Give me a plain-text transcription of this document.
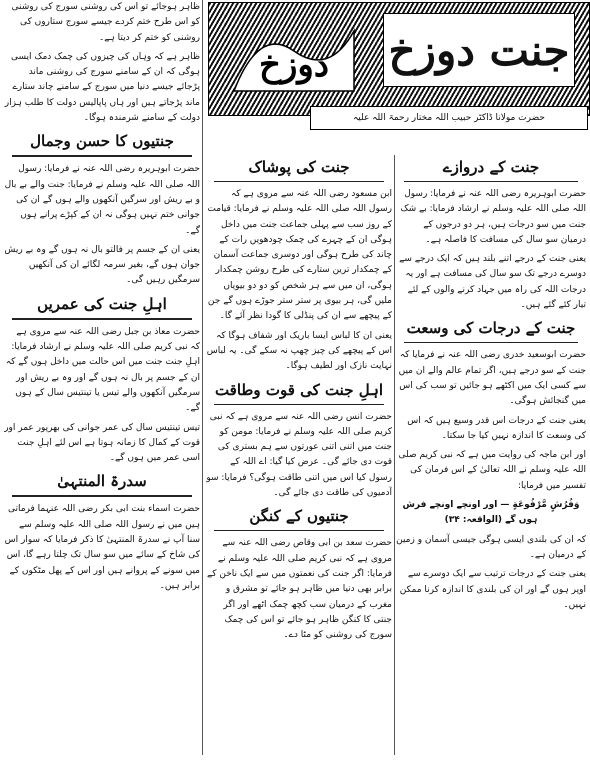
دوزخ جنت دوزخ
حضرت مولانا ڈاکٹر حبیب اللہ مختار رحمۃ اللہ علیہ

ظاہر ہوجائے تو اس کی روشنی سورج کی روشنی کو اس طرح ختم کردے جیسے سورج ستاروں کی روشنی کو ختم کر دیتا ہے۔

ظاہر ہے کہ وہاں کی چیزوں کی چمک دمک ایسی ہوگی کہ ان کے سامنے سورج کی روشنی ماند پڑجائے جیسے دنیا میں سورج کے سامنے چاند ستارے ماند پڑجاتے ہیں اور ہاں پاپالیس دولت کا طلب ہزار دولت کے سامنے شرمندہ ہوگا۔

جنتیوں کا حسن وجمال

حضرت ابوہریرہ رضی اللہ عنہ نے فرمایا: رسول اللہ صلی اللہ علیہ وسلم نے فرمایا: جنت والے بے بال و بے ریش اور سرگیں آنکھوں والے ہوں گے ان کی جوانی ختم نہیں ہوگی نہ ان کے کپڑے پرانے ہوں گے۔

یعنی ان کے جسم پر فالتو بال نہ ہوں گے وہ بے ریش جوان ہوں گے، بغیر سرمہ لگائے ان کی آنکھیں سرمگیں رہیں گی۔

اہلِ جنت کی عمریں

حضرت معاذ بن جبل رضی اللہ عنہ سے مروی ہے کہ نبی کریم صلی اللہ علیہ وسلم نے ارشاد فرمایا: اہلِ جنت جنت میں اس حالت میں داخل ہوں گے کہ ان کے جسم پر بال نہ ہوں گے اور وہ بے ریش اور سرمگیں آنکھوں والے تیس یا تینتیس سال کے ہوں گے۔

تیس تینتیس سال کی عمر جوانی کی بھرپور عمر اور قوت کے کمال کا زمانہ ہوتا ہے اس لئے اہلِ جنت اسی عمر میں ہوں گے۔

سدرۃ المنتہیٰ

حضرت اسماء بنت ابی بکر رضی اللہ عنہما فرماتی ہیں میں نے رسول اللہ صلی اللہ علیہ وسلم سے سنا آپ نے سدرۃ المنتہیٰ کا ذکر فرمایا کہ سوار اس کی شاخ کے سائے میں سو سال تک چلتا رہے گا، اس میں سونے کے پروانے ہیں اور اس کے پھل مٹکوں کے برابر ہیں۔

جنت کی پوشاک

ابن مسعود رضی اللہ عنہ سے مروی ہے کہ رسول اللہ صلی اللہ علیہ وسلم نے فرمایا: قیامت کے روز سب سے پہلی جماعت جنت میں داخل ہوگی ان کے چہرے کی چمک چودھویں رات کے چاند کی طرح ہوگی اور دوسری جماعت آسمان کے چمکدار ترین ستارے کی طرح روشن چمکدار ہوگی، ان میں سے ہر شخص کو دو دو بیویاں ملیں گی، ہر بیوی پر ستر ستر جوڑے ہوں گے جن کے پیچھے سے ان کی پنڈلی کا گودا نظر آئے گا۔

یعنی ان کا لباس ایسا باریک اور شفاف ہوگا کہ اس کے پیچھے کی چیز چھپ نہ سکے گی۔ یہ لباس نہایت نازک اور لطیف ہوگا۔

اہلِ جنت کی قوت وطاقت

حضرت انس رضی اللہ عنہ سے مروی ہے کہ نبی کریم صلی اللہ علیہ وسلم نے فرمایا: مومن کو جنت میں اتنی اتنی عورتوں سے ہم بستری کی قوت دی جائے گی۔ عرض کیا گیا: اے اللہ کے رسول کیا اس میں اتنی طاقت ہوگی؟ فرمایا: سو آدمیوں کی طاقت دی جائے گی۔

جنتیوں کے کنگن

حضرت سعد بن ابی وقاص رضی اللہ عنہ سے مروی ہے کہ نبی کریم صلی اللہ علیہ وسلم نے فرمایا: اگر جنت کی نعمتوں میں سے ایک ناخن کے برابر بھی دنیا میں ظاہر ہو جائے تو مشرق و مغرب کے درمیان سب کچھ چمک اٹھے اور اگر جنتی کا کنگن ظاہر ہو جائے تو اس کی چمک سورج کی روشنی کو مٹا دے۔

جنت کے دروازے

حضرت ابوہریرہ رضی اللہ عنہ نے فرمایا: رسول اللہ صلی اللہ علیہ وسلم نے ارشاد فرمایا: بے شک جنت میں سو درجات ہیں، ہر دو درجوں کے درمیان سو سال کی مسافت کا فاصلہ ہے۔

یعنی جنت کے درجے اتنے بلند ہیں کہ ایک درجے سے دوسرے درجے تک سو سال کی مسافت ہے اور یہ درجات اللہ کی راہ میں جہاد کرنے والوں کے لئے تیار کئے گئے ہیں۔

جنت کے درجات کی وسعت

حضرت ابوسعید خدری رضی اللہ عنہ نے فرمایا کہ جنت کے سو درجے ہیں، اگر تمام عالم والے ان میں سے کسی ایک میں اکٹھے ہو جائیں تو سب کی اس میں گنجائش ہوگی۔

یعنی جنت کے درجات اس قدر وسیع ہیں کہ اس کی وسعت کا اندازہ نہیں کیا جا سکتا۔

اور ابن ماجہ کی روایت میں ہے کہ نبی کریم صلی اللہ علیہ وسلم نے اللہ تعالیٰ کے اس فرمان کی تفسیر میں فرمایا:

وَفُرُشٍ مَّرْفُوعَةٍ — اور اونچے اونچے فرش ہوں گے (الواقعہ: ۳۴)

کہ ان کی بلندی ایسی ہوگی جیسی آسمان و زمین کے درمیان ہے۔

یعنی جنت کے درجات ترتیب سے ایک دوسرے سے اوپر ہوں گے اور ان کی بلندی کا اندازہ کرنا ممکن نہیں۔
